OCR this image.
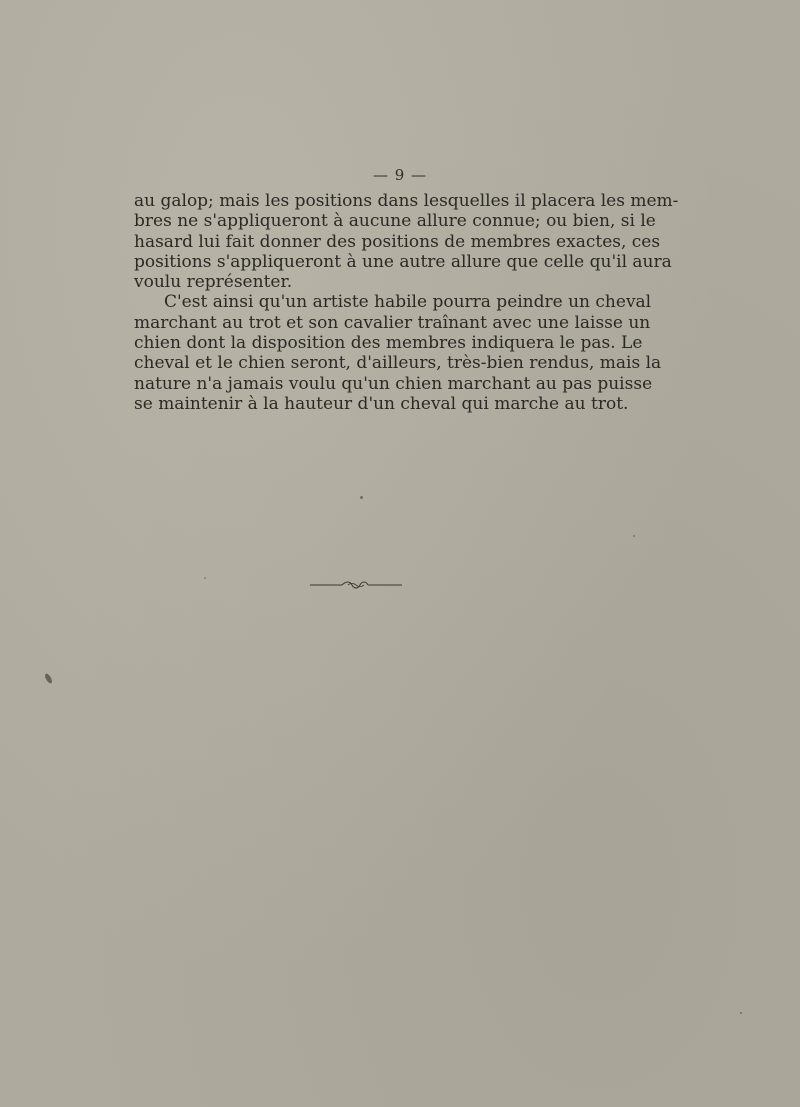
— 9 —
au galop; mais les positions dans lesquelles il placera les mem-
bres ne s'appliqueront à aucune allure connue; ou bien, si le
hasard lui fait donner des positions de membres exactes, ces
positions s'appliqueront à une autre allure que celle qu'il aura
voulu représenter.
C'est ainsi qu'un artiste habile pourra peindre un cheval
marchant au trot et son cavalier traînant avec une laisse un
chien dont la disposition des membres indiquera le pas. Le
cheval et le chien seront, d'ailleurs, très-bien rendus, mais la
nature n'a jamais voulu qu'un chien marchant au pas puisse
se maintenir à la hauteur d'un cheval qui marche au trot.
